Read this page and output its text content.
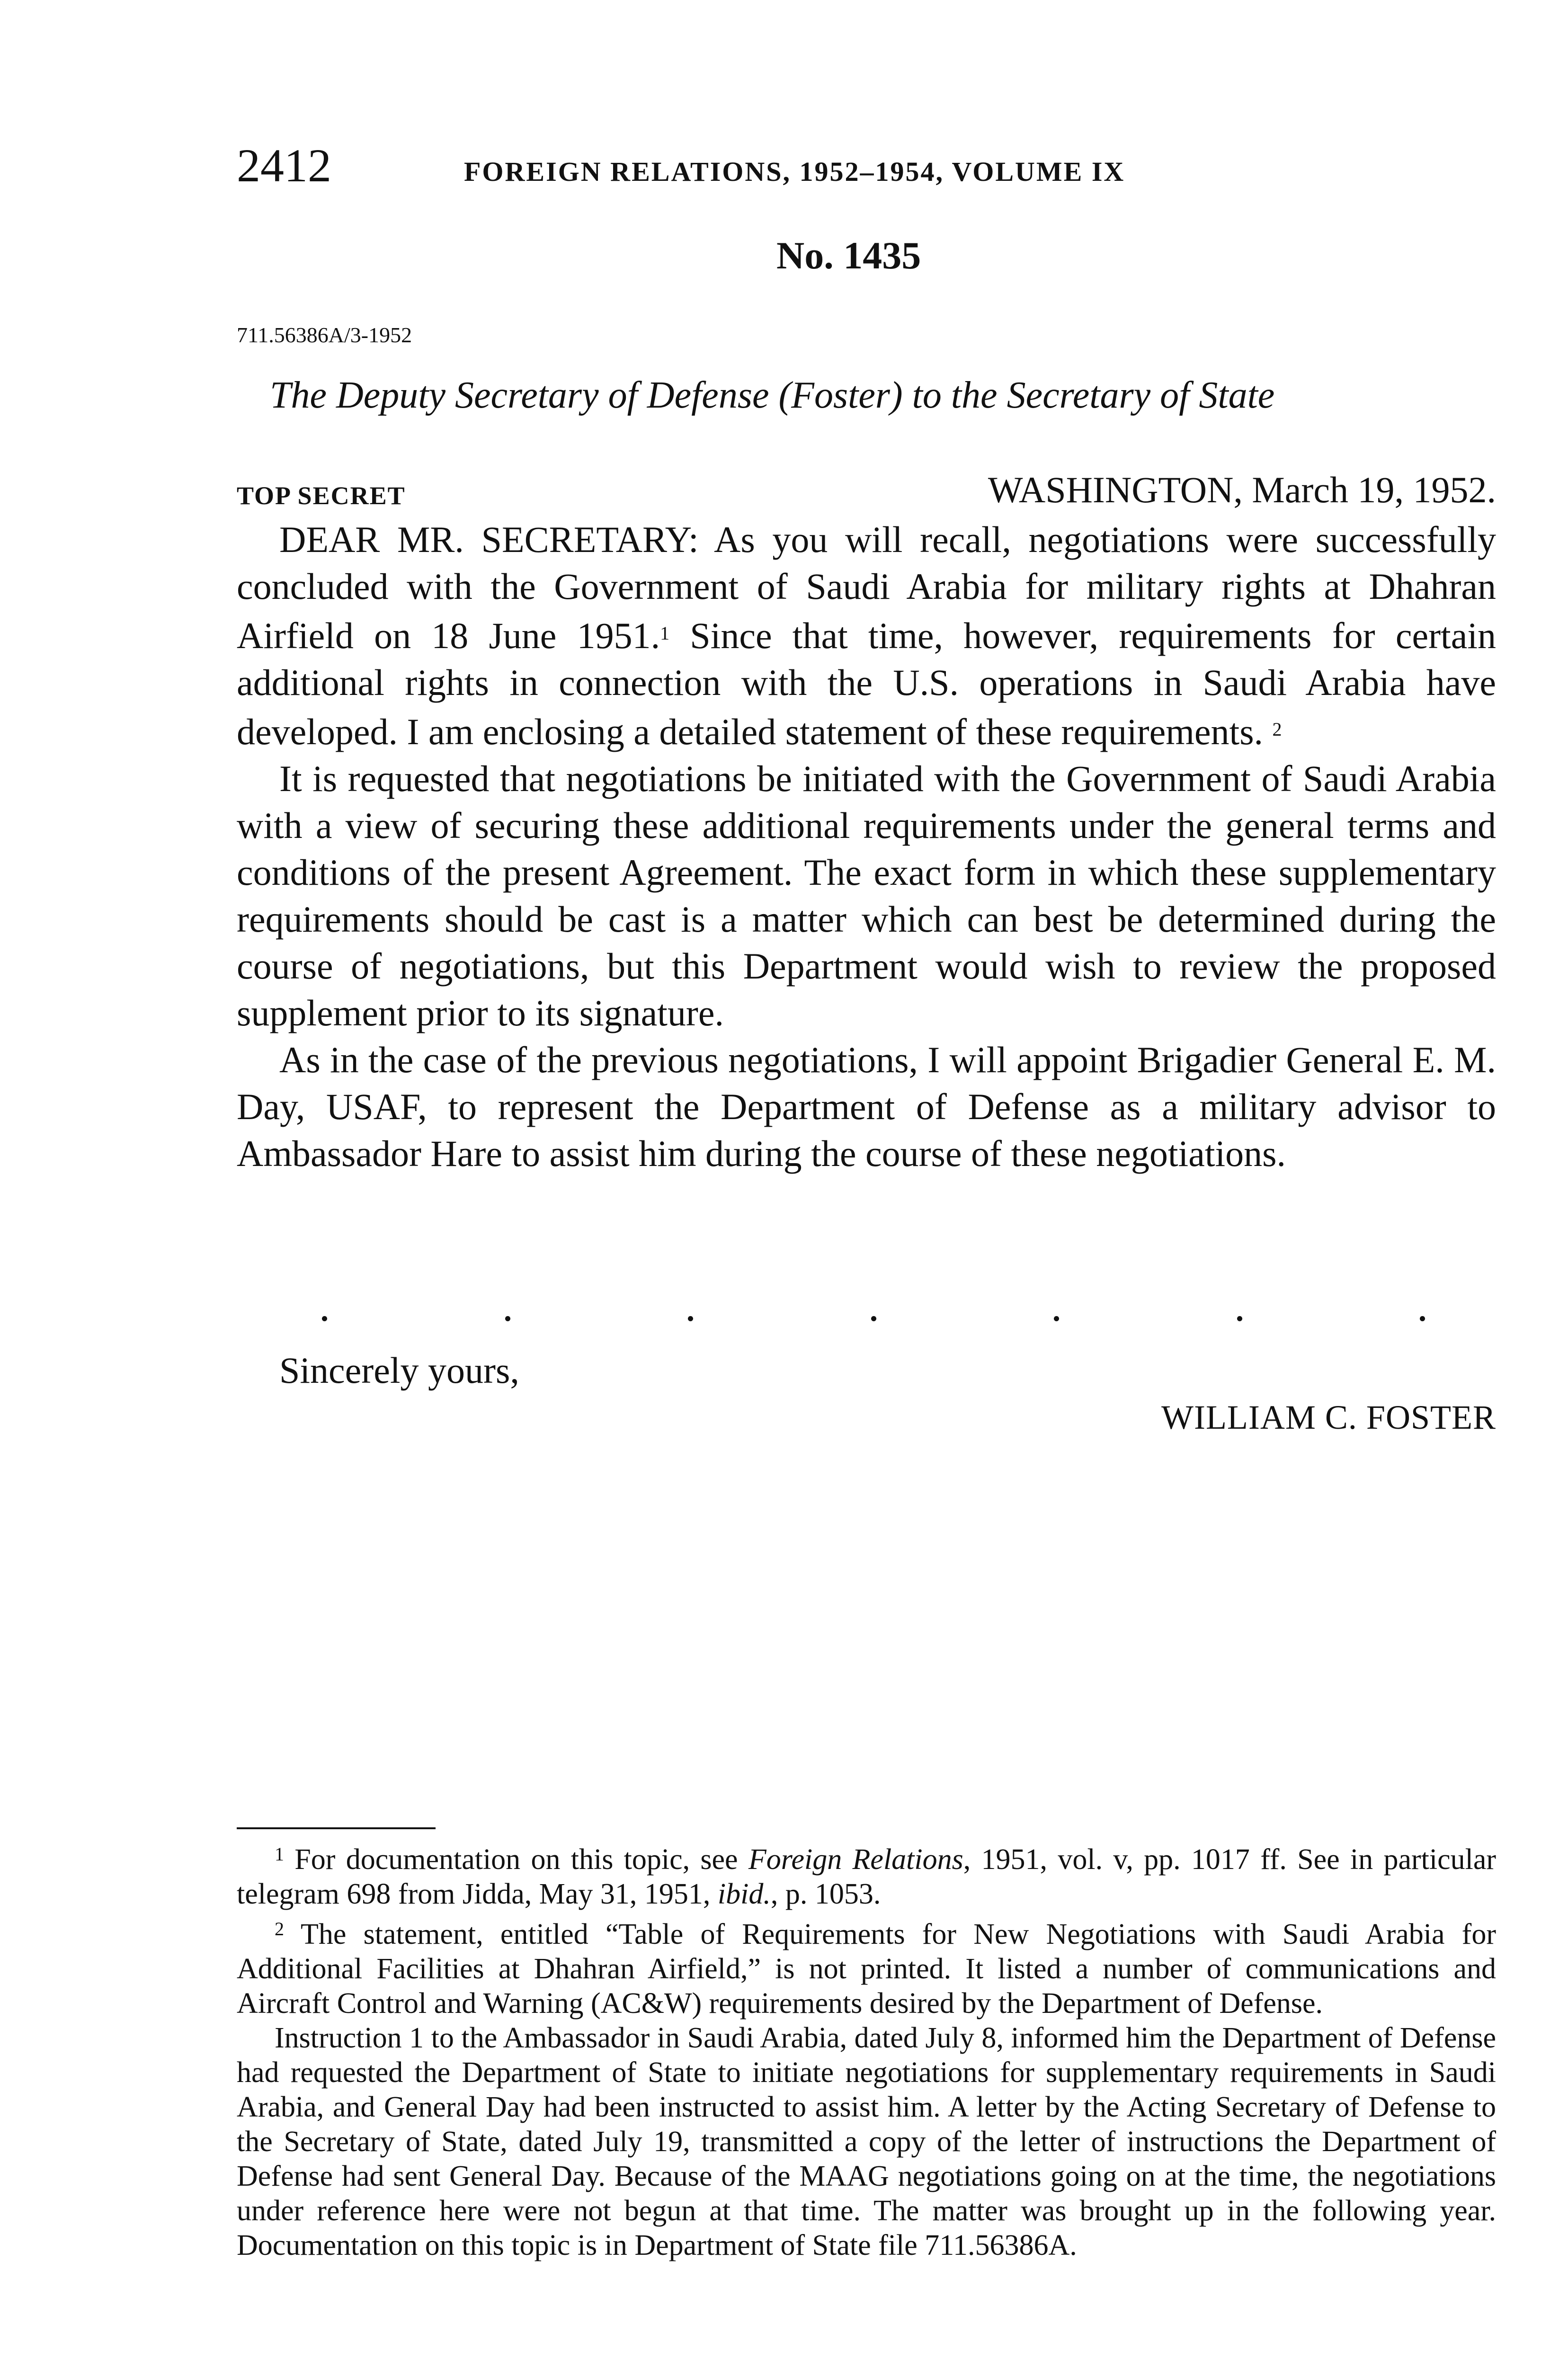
2412	FOREIGN RELATIONS, 1952–1954, VOLUME IX
No. 1435
711.56386A/3-1952
The Deputy Secretary of Defense (Foster) to the Secretary of State
TOP SECRET	WASHINGTON, March 19, 1952.

DEAR MR. SECRETARY: As you will recall, negotiations were successfully concluded with the Government of Saudi Arabia for military rights at Dhahran Airfield on 18 June 1951.$^1$ Since that time, however, requirements for certain additional rights in connection with the U.S. operations in Saudi Arabia have developed. I am enclosing a detailed statement of these requirements. $^2$

It is requested that negotiations be initiated with the Government of Saudi Arabia with a view of securing these additional requirements under the general terms and conditions of the present Agreement. The exact form in which these supplementary requirements should be cast is a matter which can best be determined during the course of negotiations, but this Department would wish to review the proposed supplement prior to its signature.

As in the case of the previous negotiations, I will appoint Brigadier General E. M. Day, USAF, to represent the Department of Defense as a military advisor to Ambassador Hare to assist him during the course of these negotiations.

Sincerely yours,
WILLIAM C. FOSTER

$^1$ For documentation on this topic, see Foreign Relations, 1951, vol. v, pp. 1017 ff. See in particular telegram 698 from Jidda, May 31, 1951, ibid., p. 1053.

$^2$ The statement, entitled “Table of Requirements for New Negotiations with Saudi Arabia for Additional Facilities at Dhahran Airfield,” is not printed. It listed a number of communications and Aircraft Control and Warning (AC&W) requirements desired by the Department of Defense.

Instruction 1 to the Ambassador in Saudi Arabia, dated July 8, informed him the Department of Defense had requested the Department of State to initiate negotiations for supplementary requirements in Saudi Arabia, and General Day had been instructed to assist him. A letter by the Acting Secretary of Defense to the Secretary of State, dated July 19, transmitted a copy of the letter of instructions the Department of Defense had sent General Day. Because of the MAAG negotiations going on at the time, the negotiations under reference here were not begun at that time. The matter was brought up in the following year. Documentation on this topic is in Department of State file 711.56386A.
